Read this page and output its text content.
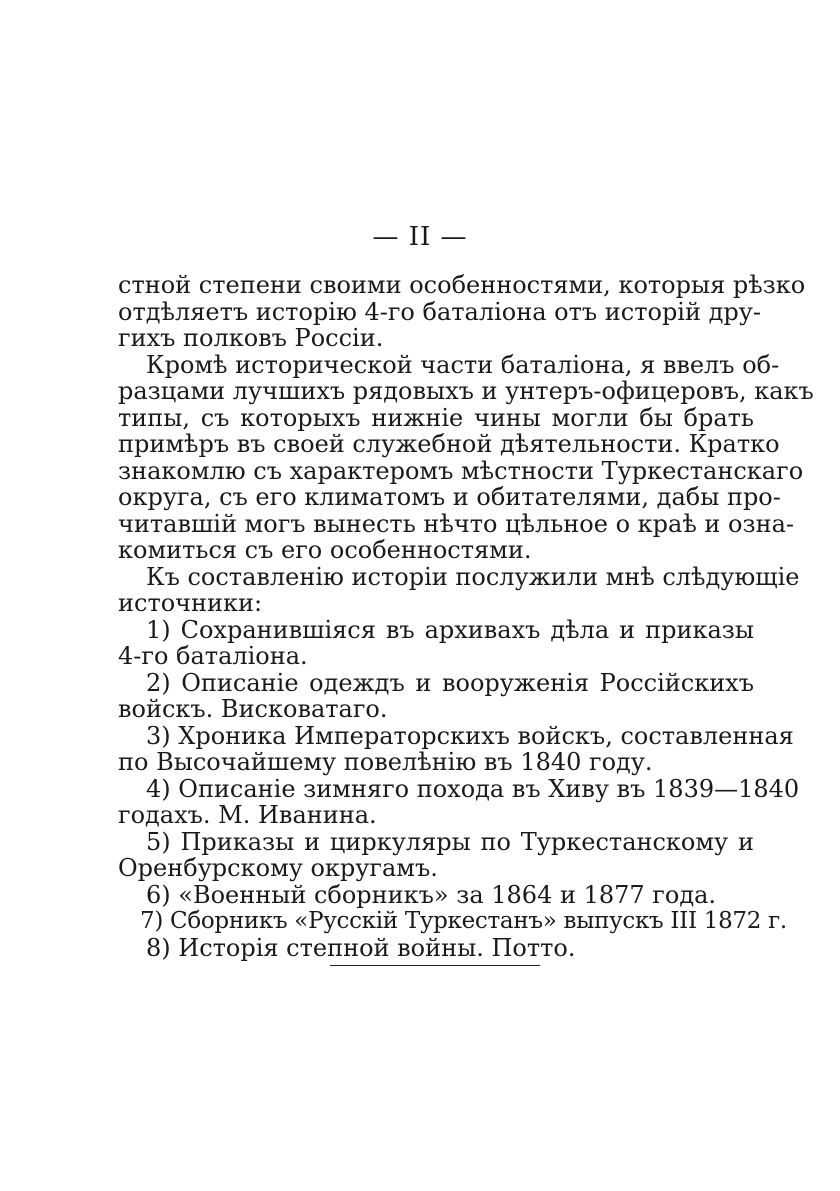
— II —
стной степени своими особенностями, которыя рѣзко
отдѣляетъ исторію 4-го баталіона отъ исторій дру-
гихъ полковъ Россіи.
Кромѣ исторической части баталіона, я ввелъ об-
разцами лучшихъ рядовыхъ и унтеръ-офицеровъ, какъ
типы, съ которыхъ нижніе чины могли бы брать
примѣръ въ своей служебной дѣятельности. Кратко
знакомлю съ характеромъ мѣстности Туркестанскаго
округа, съ его климатомъ и обитателями, дабы про-
читавшій могъ вынесть нѣчто цѣльное о краѣ и озна-
комиться съ его особенностями.
Къ составленію исторіи послужили мнѣ слѣдующіе
источники:
1) Сохранившіяся въ архивахъ дѣла и приказы
4-го баталіона.
2) Описаніе одеждъ и вооруженія Россійскихъ
войскъ. Висковатаго.
3) Хроника Императорскихъ войскъ, составленная
по Высочайшему повелѣнію въ 1840 году.
4) Описаніе зимняго похода въ Хиву въ 1839—1840
годахъ. М. Иванина.
5) Приказы и циркуляры по Туркестанскому и
Оренбурскому округамъ.
6) «Военный сборникъ» за 1864 и 1877 года.
7) Сборникъ «Русскій Туркестанъ» выпускъ III 1872 г.
8) Исторія степной войны. Потто.
